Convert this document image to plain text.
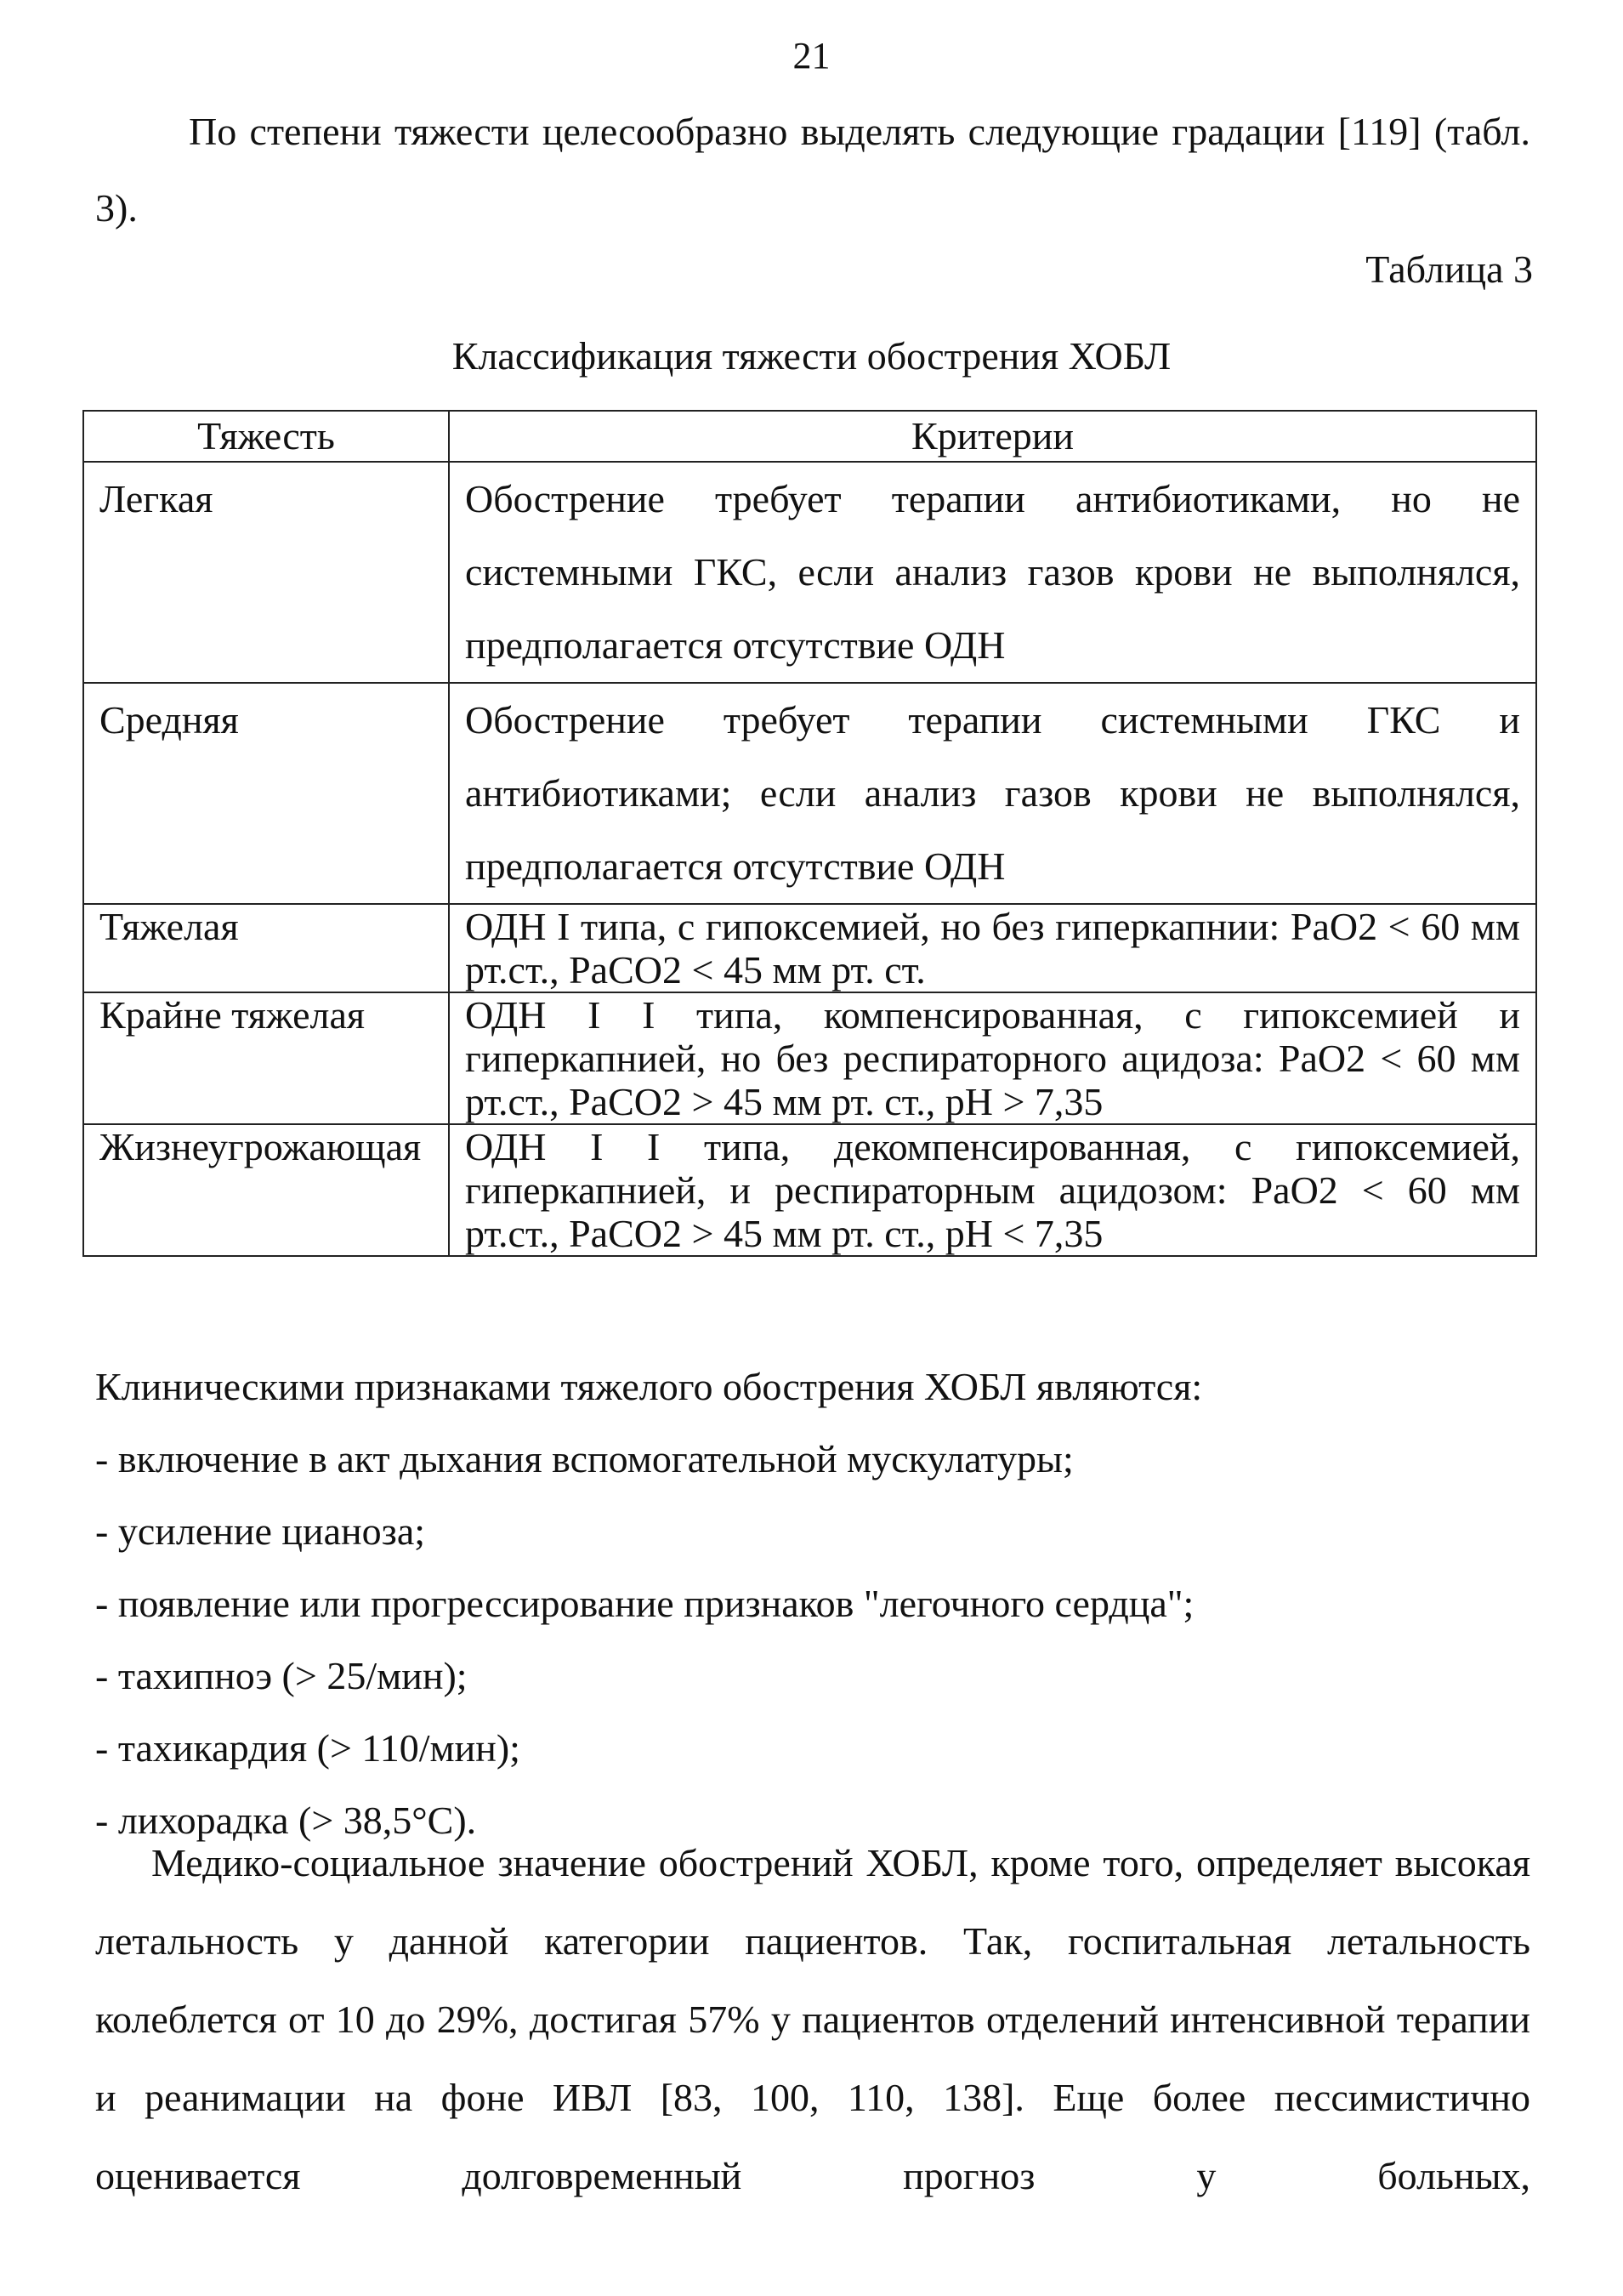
21
По степени тяжести целесообразно выделять следующие градации [119] (табл. 3).
Таблица 3
Классификация тяжести обострения ХОБЛ
Тяжесть	Критерии
Легкая	Обострение требует терапии антибиотиками, но не системными ГКС, если анализ газов крови не выполнялся, предполагается отсутствие ОДН
Средняя	Обострение требует терапии системными ГКС и антибиотиками; если анализ газов крови не выполнялся, предполагается отсутствие ОДН
Тяжелая	ОДН I типа, с гипоксемией, но без гиперкапнии: PaO2 < 60 мм рт.ст., PaCO2 < 45 мм рт. ст.
Крайне тяжелая	ОДН I I типа, компенсированная, с гипоксемией и гиперкапнией, но без респираторного ацидоза: PaO2 < 60 мм рт.ст., PaCO2 > 45 мм рт. ст., pH > 7,35
Жизнеугрожающая	ОДН I I типа, декомпенсированная, с гипоксемией, гиперкапнией, и респираторным ацидозом: PaO2 < 60 мм рт.ст., PaCO2 > 45 мм рт. ст., pH < 7,35
Клиническими признаками тяжелого обострения ХОБЛ являются:
- включение в акт дыхания вспомогательной мускулатуры;
- усиление цианоза;
- появление или прогрессирование признаков "легочного сердца";
- тахипноэ (> 25/мин);
- тахикардия (> 110/мин);
- лихорадка (> 38,5°C).
Медико-социальное значение обострений ХОБЛ, кроме того, определяет высокая летальность у данной категории пациентов. Так, госпитальная летальность колеблется от 10 до 29%, достигая 57% у пациентов отделений интенсивной терапии и реанимации на фоне ИВЛ [83, 100, 110, 138]. Еще более пессимистично оценивается долговременный прогноз у больных,
